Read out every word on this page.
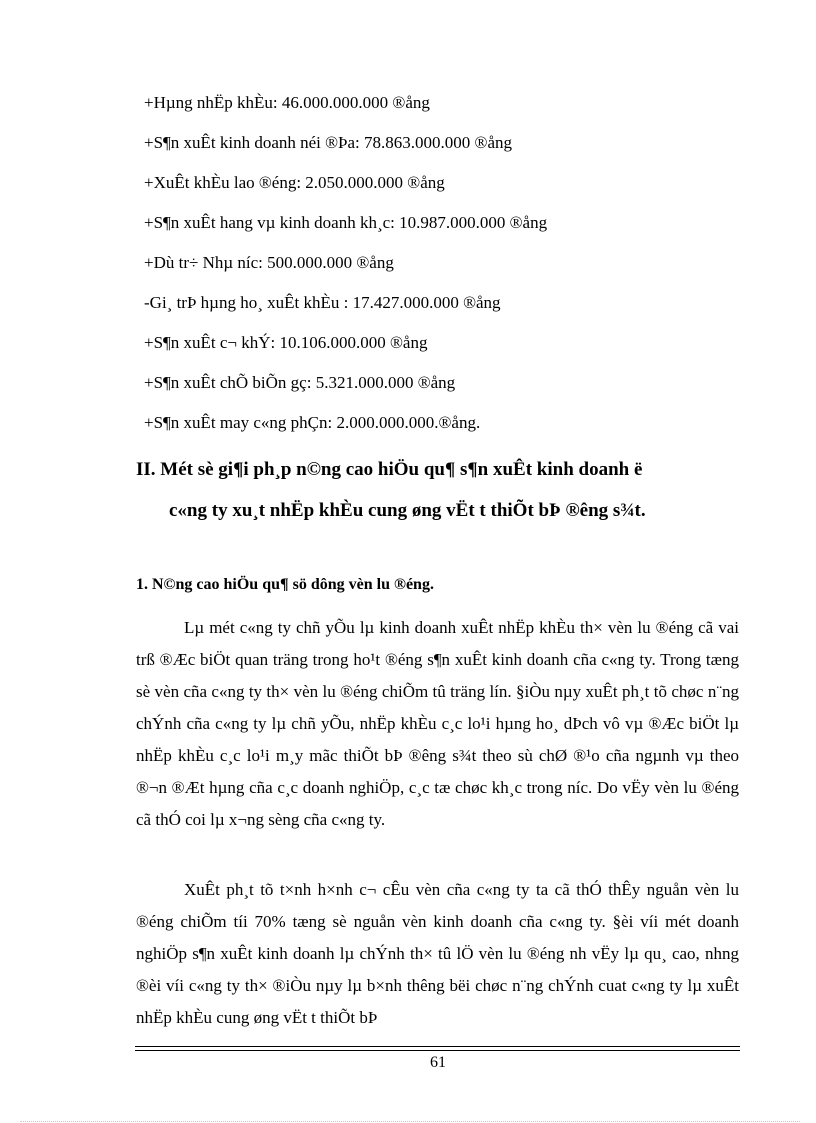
+Hµng nhËp khÈu: 46.000.000.000 ®ång
+S¶n xuÊt kinh doanh néi ®Þa: 78.863.000.000 ®ång
+XuÊt khÈu lao ®éng: 2.050.000.000 ®ång
+S¶n xuÊt hang vµ kinh doanh kh¸c: 10.987.000.000 ®ång
+Dù tr÷ Nhµ níc: 500.000.000 ®ång
-Gi¸ trÞ hµng ho¸ xuÊt khÈu : 17.427.000.000 ®ång
+S¶n xuÊt c¬ khÝ: 10.106.000.000 ®ång
+S¶n xuÊt chÕ biÕn gç: 5.321.000.000 ®ång
+S¶n xuÊt may c«ng phÇn: 2.000.000.000.®ång.
II. Mét sè gi¶i ph¸p n©ng cao hiÖu qu¶ s¶n xuÊt kinh doanh ë
c«ng ty xu¸t nhËp khÈu cung øng vËt t thiÕt bÞ ®êng s¾t.
1. N©ng cao hiÖu qu¶ sö dông vèn lu ®éng.

Lµ mét c«ng ty chñ yÕu lµ kinh doanh xuÊt nhËp khÈu th× vèn lu ®éng cã vai trß ®Æc biÖt quan träng trong ho¹t ®éng s¶n xuÊt kinh doanh cña c«ng ty. Trong tæng sè vèn cña c«ng ty th× vèn lu ®éng chiÕm tû träng lín. §iÒu nµy xuÊt ph¸t tõ chøc n¨ng chÝnh cña c«ng ty lµ chñ yÕu, nhËp khÈu c¸c lo¹i hµng ho¸ dÞch vô vµ ®Æc biÖt lµ nhËp khÈu c¸c lo¹i m¸y mãc thiÕt bÞ ®êng s¾t theo sù chØ ®¹o cña ngµnh vµ theo ®¬n ®Æt hµng cña c¸c doanh nghiÖp, c¸c tæ chøc kh¸c trong níc. Do vËy vèn lu ®éng cã thÓ coi lµ x¬ng sèng cña c«ng ty.

XuÊt ph¸t tõ t×nh h×nh c¬ cÊu vèn cña c«ng ty ta cã thÓ thÊy nguån vèn lu ®éng chiÕm tíi 70% tæng sè nguån vèn kinh doanh cña c«ng ty. §èi víi mét doanh nghiÖp s¶n xuÊt kinh doanh lµ chÝnh th× tû lÖ vèn lu ®éng nh vËy lµ qu¸ cao, nhng ®èi víi c«ng ty th× ®iÒu nµy lµ b×nh thêng bëi chøc n¨ng chÝnh cuat c«ng ty lµ xuÊt nhËp khÈu cung øng vËt t thiÕt bÞ

61
